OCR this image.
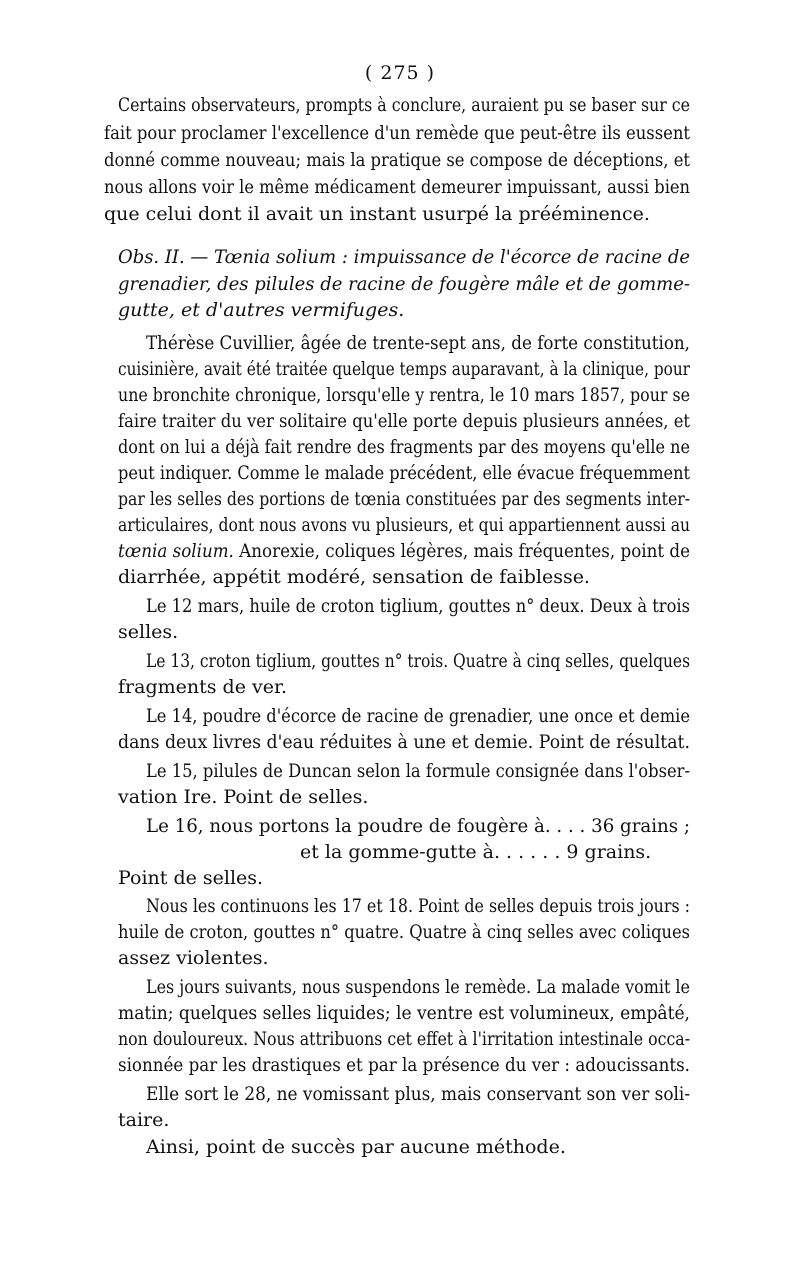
( 275 )
Certains observateurs, prompts à conclure, auraient pu se baser sur ce
fait pour proclamer l'excellence d'un remède que peut-être ils eussent
donné comme nouveau; mais la pratique se compose de déceptions, et
nous allons voir le même médicament demeurer impuissant, aussi bien
que celui dont il avait un instant usurpé la prééminence.
Obs. II. — Tœnia solium : impuissance de l'écorce de racine de
grenadier, des pilules de racine de fougère mâle et de gomme-
gutte, et d'autres vermifuges.
Thérèse Cuvillier, âgée de trente-sept ans, de forte constitution,
cuisinière, avait été traitée quelque temps auparavant, à la clinique, pour
une bronchite chronique, lorsqu'elle y rentra, le 10 mars 1857, pour se
faire traiter du ver solitaire qu'elle porte depuis plusieurs années, et
dont on lui a déjà fait rendre des fragments par des moyens qu'elle ne
peut indiquer. Comme le malade précédent, elle évacue fréquemment
par les selles des portions de tœnia constituées par des segments inter-
articulaires, dont nous avons vu plusieurs, et qui appartiennent aussi au
tœnia solium. Anorexie, coliques légères, mais fréquentes, point de
diarrhée, appétit modéré, sensation de faiblesse.
Le 12 mars, huile de croton tiglium, gouttes n° deux. Deux à trois
selles.
Le 13, croton tiglium, gouttes n° trois. Quatre à cinq selles, quelques
fragments de ver.
Le 14, poudre d'écorce de racine de grenadier, une once et demie
dans deux livres d'eau réduites à une et demie. Point de résultat.
Le 15, pilules de Duncan selon la formule consignée dans l'obser-
vation Ire. Point de selles.
Le 16, nous portons la poudre de fougère à. . . . 36 grains ;
et la gomme-gutte à. . . . . . 9 grains.
Point de selles.
Nous les continuons les 17 et 18. Point de selles depuis trois jours :
huile de croton, gouttes n° quatre. Quatre à cinq selles avec coliques
assez violentes.
Les jours suivants, nous suspendons le remède. La malade vomit le
matin; quelques selles liquides; le ventre est volumineux, empâté,
non douloureux. Nous attribuons cet effet à l'irritation intestinale occa-
sionnée par les drastiques et par la présence du ver : adoucissants.
Elle sort le 28, ne vomissant plus, mais conservant son ver soli-
taire.
Ainsi, point de succès par aucune méthode.
